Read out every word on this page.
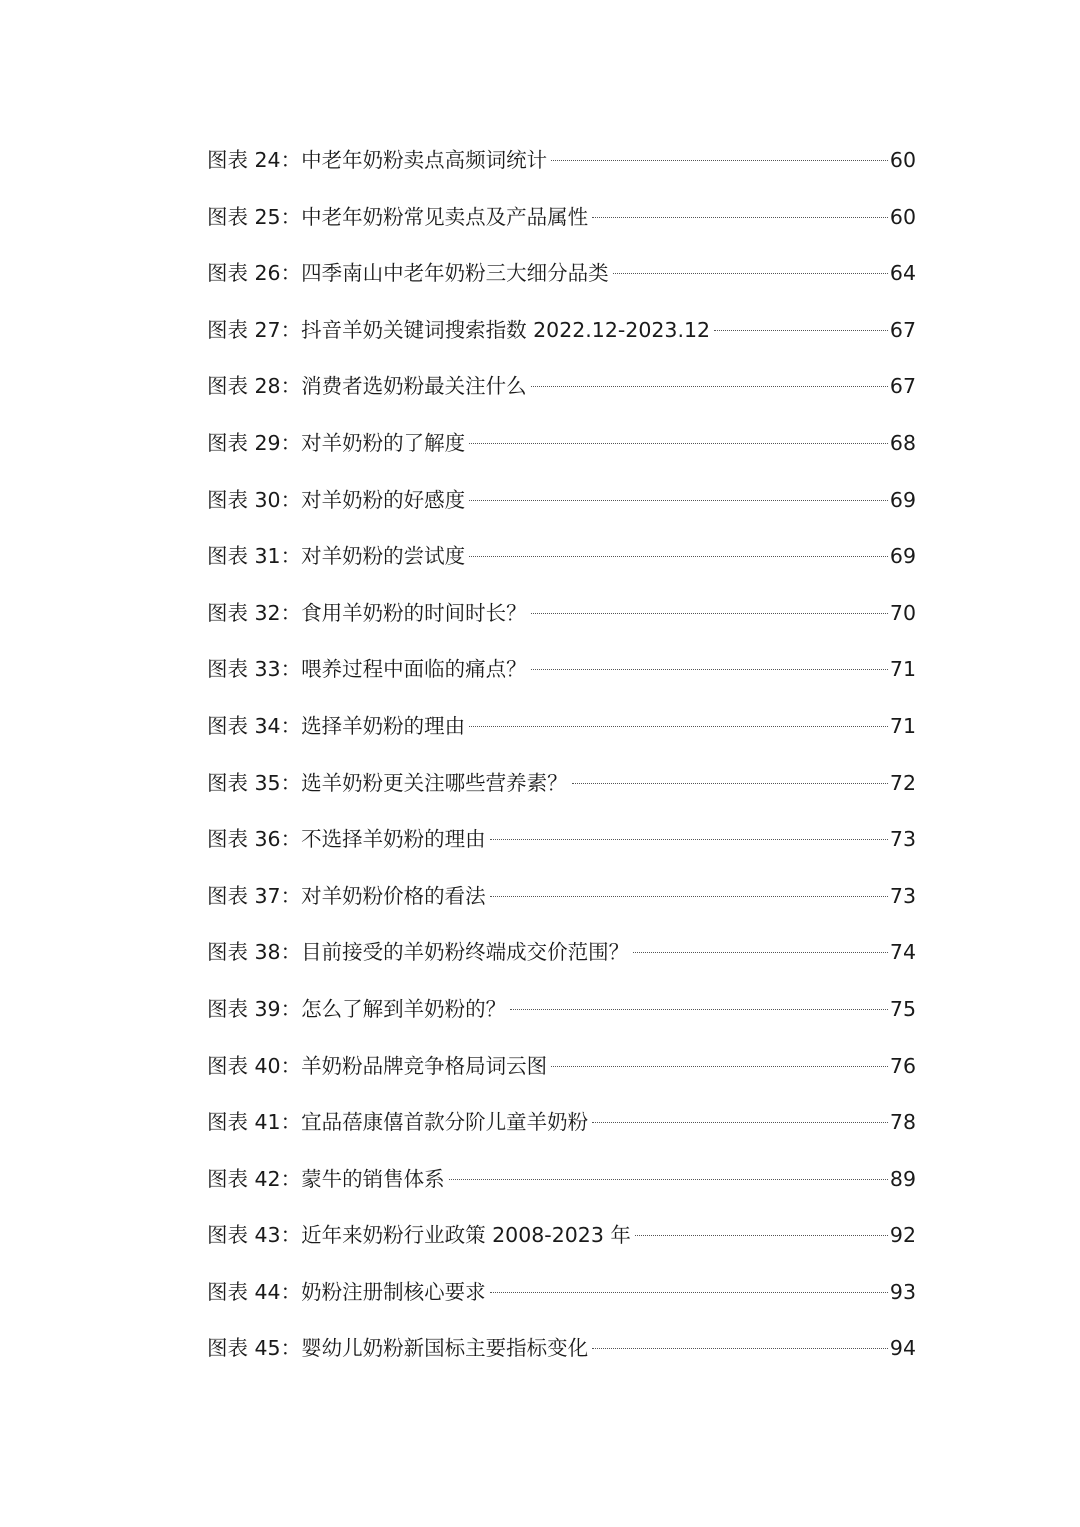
图表 24： 中老年奶粉卖点高频词统计	60
图表 25： 中老年奶粉常见卖点及产品属性	60
图表 26： 四季南山中老年奶粉三大细分品类	64
图表 27： 抖音羊奶关键词搜索指数 2022.12-2023.12	67
图表 28： 消费者选奶粉最关注什么	67
图表 29： 对羊奶粉的了解度	68
图表 30： 对羊奶粉的好感度	69
图表 31： 对羊奶粉的尝试度	69
图表 32： 食用羊奶粉的时间时长？	70
图表 33： 喂养过程中面临的痛点？	71
图表 34： 选择羊奶粉的理由	71
图表 35： 选羊奶粉更关注哪些营养素？	72
图表 36： 不选择羊奶粉的理由	73
图表 37： 对羊奶粉价格的看法	73
图表 38： 目前接受的羊奶粉终端成交价范围？	74
图表 39： 怎么了解到羊奶粉的？	75
图表 40： 羊奶粉品牌竞争格局词云图	76
图表 41： 宜品蓓康僖首款分阶儿童羊奶粉	78
图表 42： 蒙牛的销售体系	89
图表 43： 近年来奶粉行业政策 2008-2023 年	92
图表 44： 奶粉注册制核心要求	93
图表 45： 婴幼儿奶粉新国标主要指标变化	94
